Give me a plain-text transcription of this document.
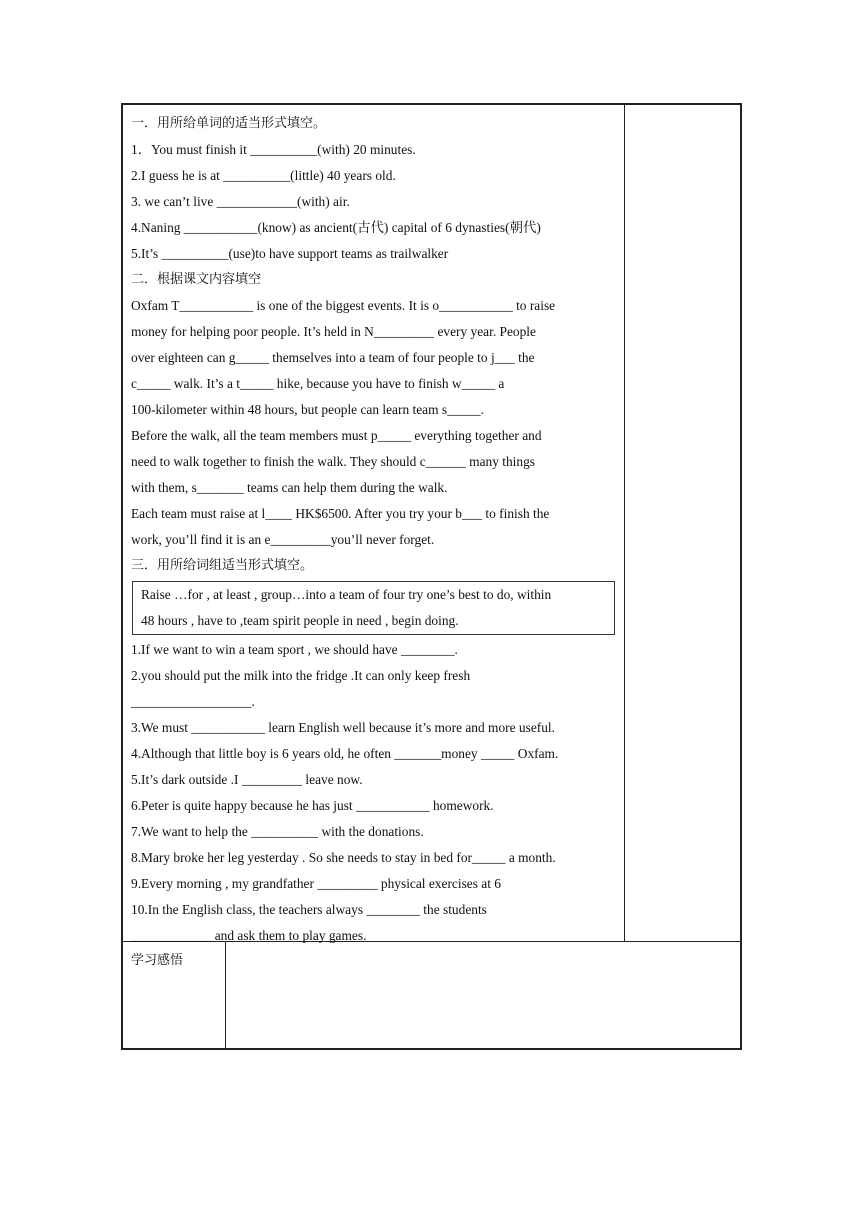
一．用所给单词的适当形式填空。
1．You must finish it __________(with) 20 minutes.
2.I guess he is at __________(little) 40 years old.
3. we can’t live ____________(with) air.
4.Naning ___________(know) as ancient(古代) capital of 6 dynasties(朝代)
5.It’s __________(use)to have support teams as trailwalker
二．根据课文内容填空
Oxfam T___________ is one of the biggest events. It is o___________ to raise
money for helping poor people. It’s held in N_________ every year. People
over eighteen can g_____ themselves into a team of four people to j___ the
c_____ walk. It’s a t_____ hike, because you have to finish w_____ a
100-kilometer within 48 hours, but people can learn team s_____.
Before the walk, all the team members must p_____ everything together and
need to walk together to finish the walk. They should c______ many things
with them, s_______ teams can help them during the walk.
Each team must raise at l____ HK$6500. After you try your b___ to finish the
work, you’ll find it is an e_________you’ll never forget.
三．用所给词组适当形式填空。
Raise …for , at least , group…into a team of four try one’s best to do, within
48 hours , have to ,team spirit people in need , begin doing.
1.If we want to win a team sport , we should have ________.
2.you should put the milk into the fridge .It can only keep fresh
__________________.
3.We must ___________ learn English well because it’s more and more useful.
4.Although that little boy is 6 years old, he often _______money _____ Oxfam.
5.It’s dark outside .I _________ leave now.
6.Peter is quite happy because he has just ___________ homework.
7.We want to help the __________ with the donations.
8.Mary broke her leg yesterday . So she needs to stay in bed for_____ a month.
9.Every morning , my grandfather _________ physical exercises at 6
10.In the English class, the teachers always ________ the students
____________ and ask them to play games.
学习感悟
